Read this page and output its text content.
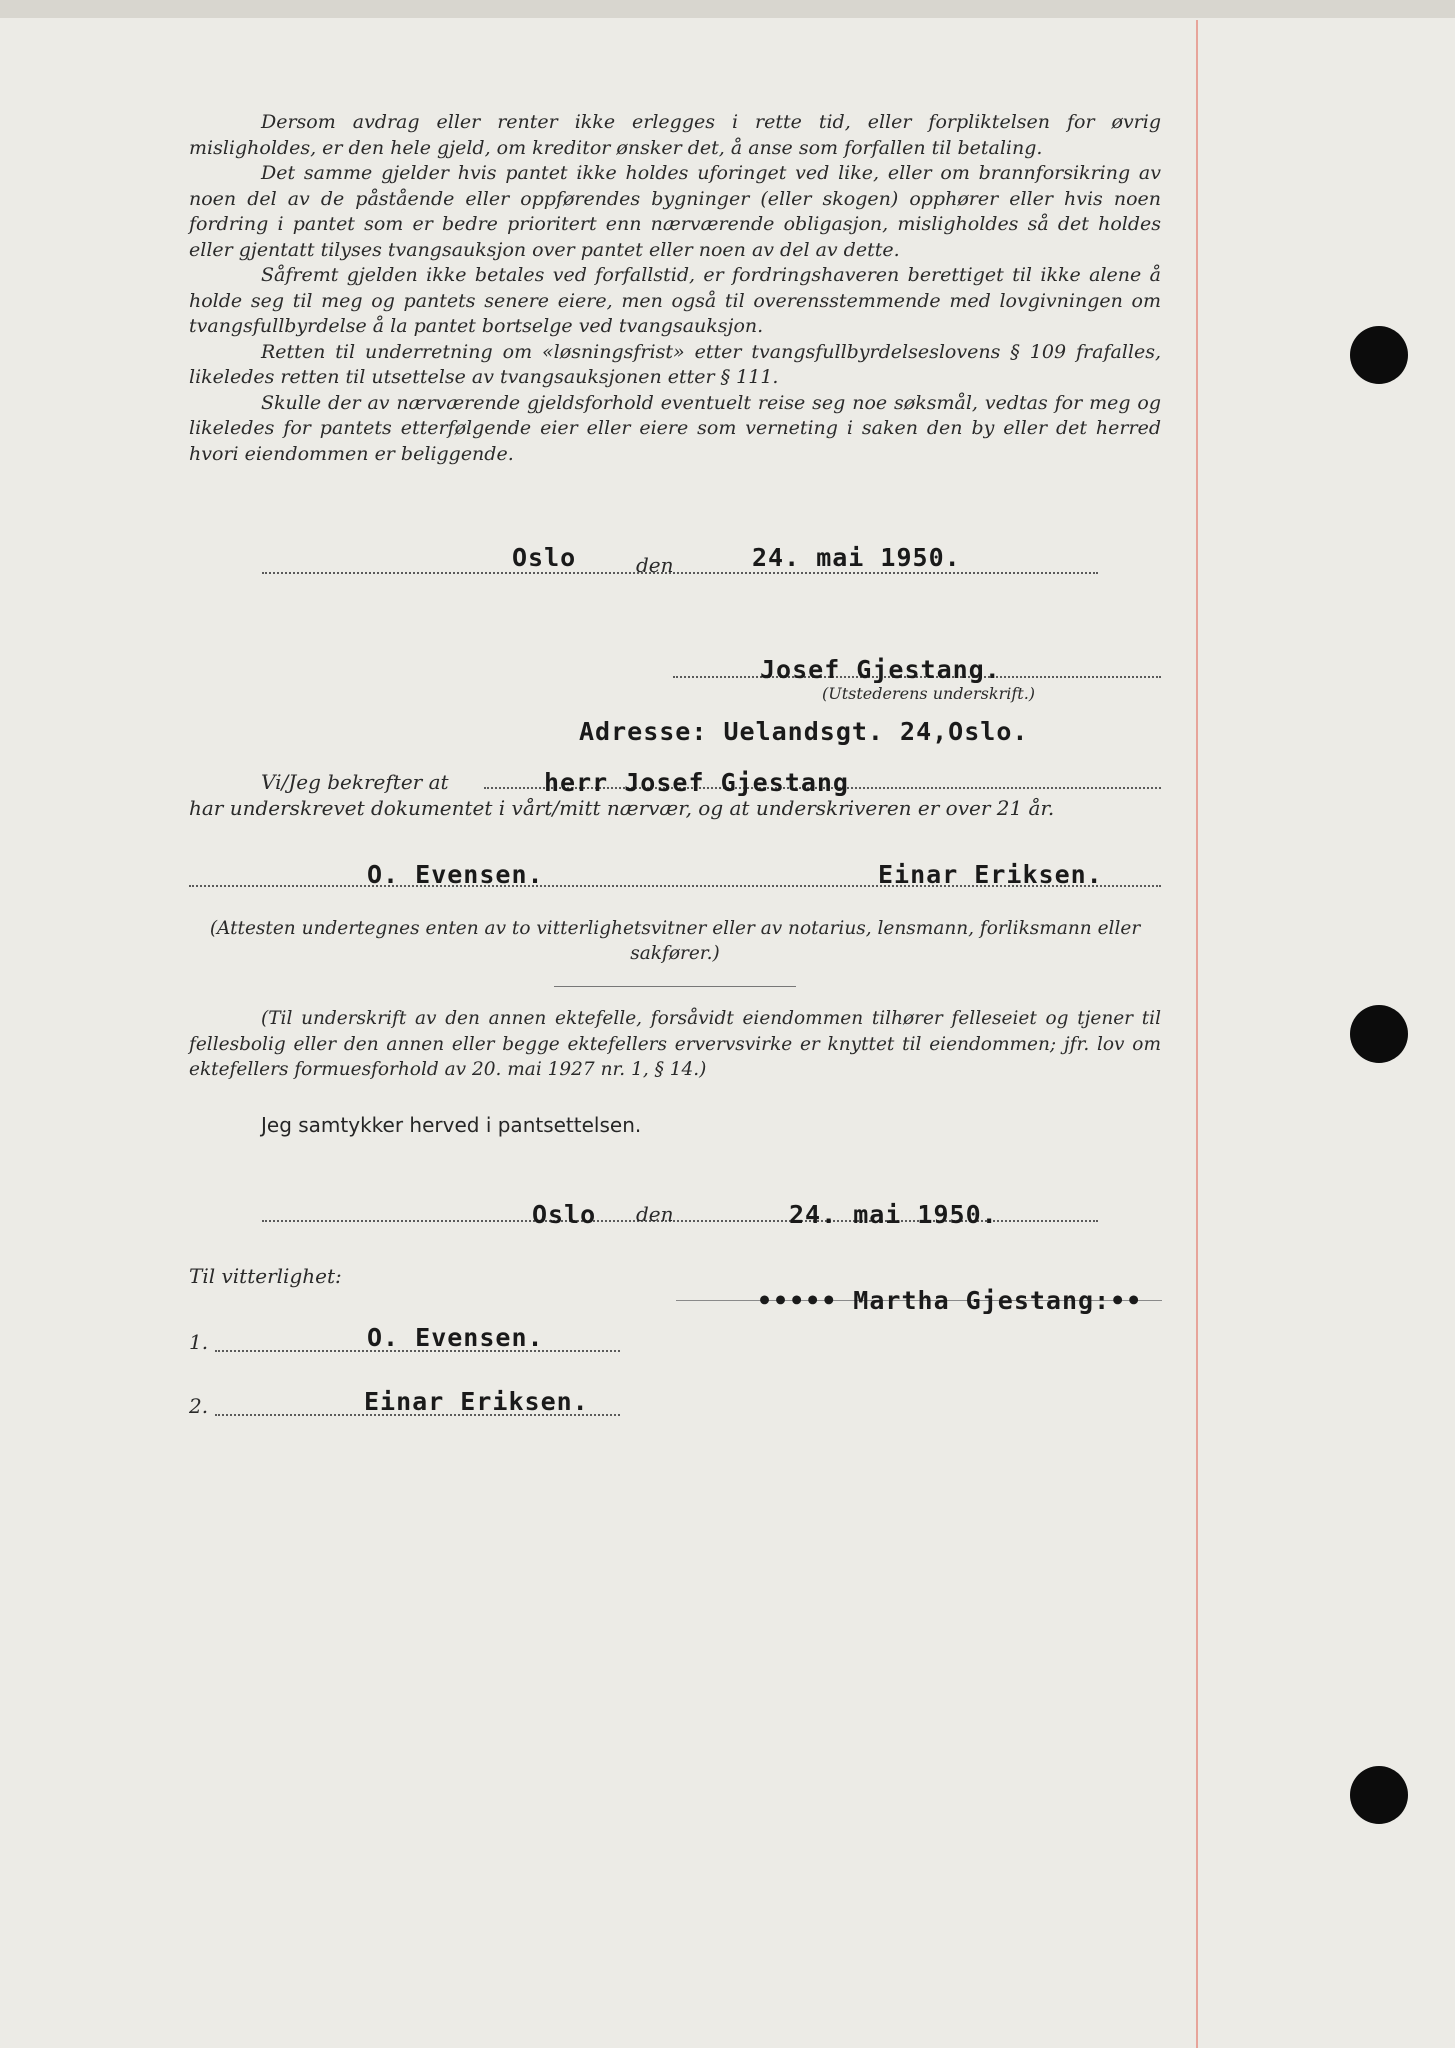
Dersom avdrag eller renter ikke erlegges i rette tid, eller forpliktelsen for øvrig misligholdes, er den hele gjeld, om kreditor ønsker det, å anse som forfallen til betaling.

Det samme gjelder hvis pantet ikke holdes uforinget ved like, eller om brannforsikring av noen del av de påstående eller oppførendes bygninger (eller skogen) opphører eller hvis noen fordring i pantet som er bedre prioritert enn nærværende obligasjon, misligholdes så det holdes eller gjentatt tilyses tvangsauksjon over pantet eller noen av del av dette.

Såfremt gjelden ikke betales ved forfallstid, er fordringshaveren berettiget til ikke alene å holde seg til meg og pantets senere eiere, men også til overensstemmende med lovgivningen om tvangsfullbyrdelse å la pantet bortselge ved tvangsauksjon.

Retten til underretning om «løsningsfrist» etter tvangsfullbyrdelseslovens § 109 frafalles, likeledes retten til utsettelse av tvangsauksjonen etter § 111.

Skulle der av nærværende gjeldsforhold eventuelt reise seg noe søksmål, vedtas for meg og likeledes for pantets etterfølgende eier eller eiere som verneting i saken den by eller det herred hvori eiendommen er beliggende.

Oslo	den	24. mai 1950.
Josef Gjestang.
(Utstederens underskrift.)
Adresse: Uelandsgt. 24,Oslo.
Vi/Jeg bekrefter at	herr Josef Gjestang
har underskrevet dokumentet i vårt/mitt nærvær, og at underskriveren er over 21 år.
O. Evensen.	Einar Eriksen.
(Attesten undertegnes enten av to vitterlighetsvitner eller av notarius, lensmann, forliksmann eller sakfører.)

(Til underskrift av den annen ektefelle, forsåvidt eiendommen tilhører felleseiet og tjener til fellesbolig eller den annen eller begge ektefellers ervervsvirke er knyttet til eiendommen; jfr. lov om ektefellers formuesforhold av 20. mai 1927 nr. 1, § 14.)

Jeg samtykker herved i pantsettelsen.
Oslo den	24. mai 1950.
Til vitterlighet:
••••• Martha Gjestang:••
1.	O. Evensen.
2.	Einar Eriksen.
